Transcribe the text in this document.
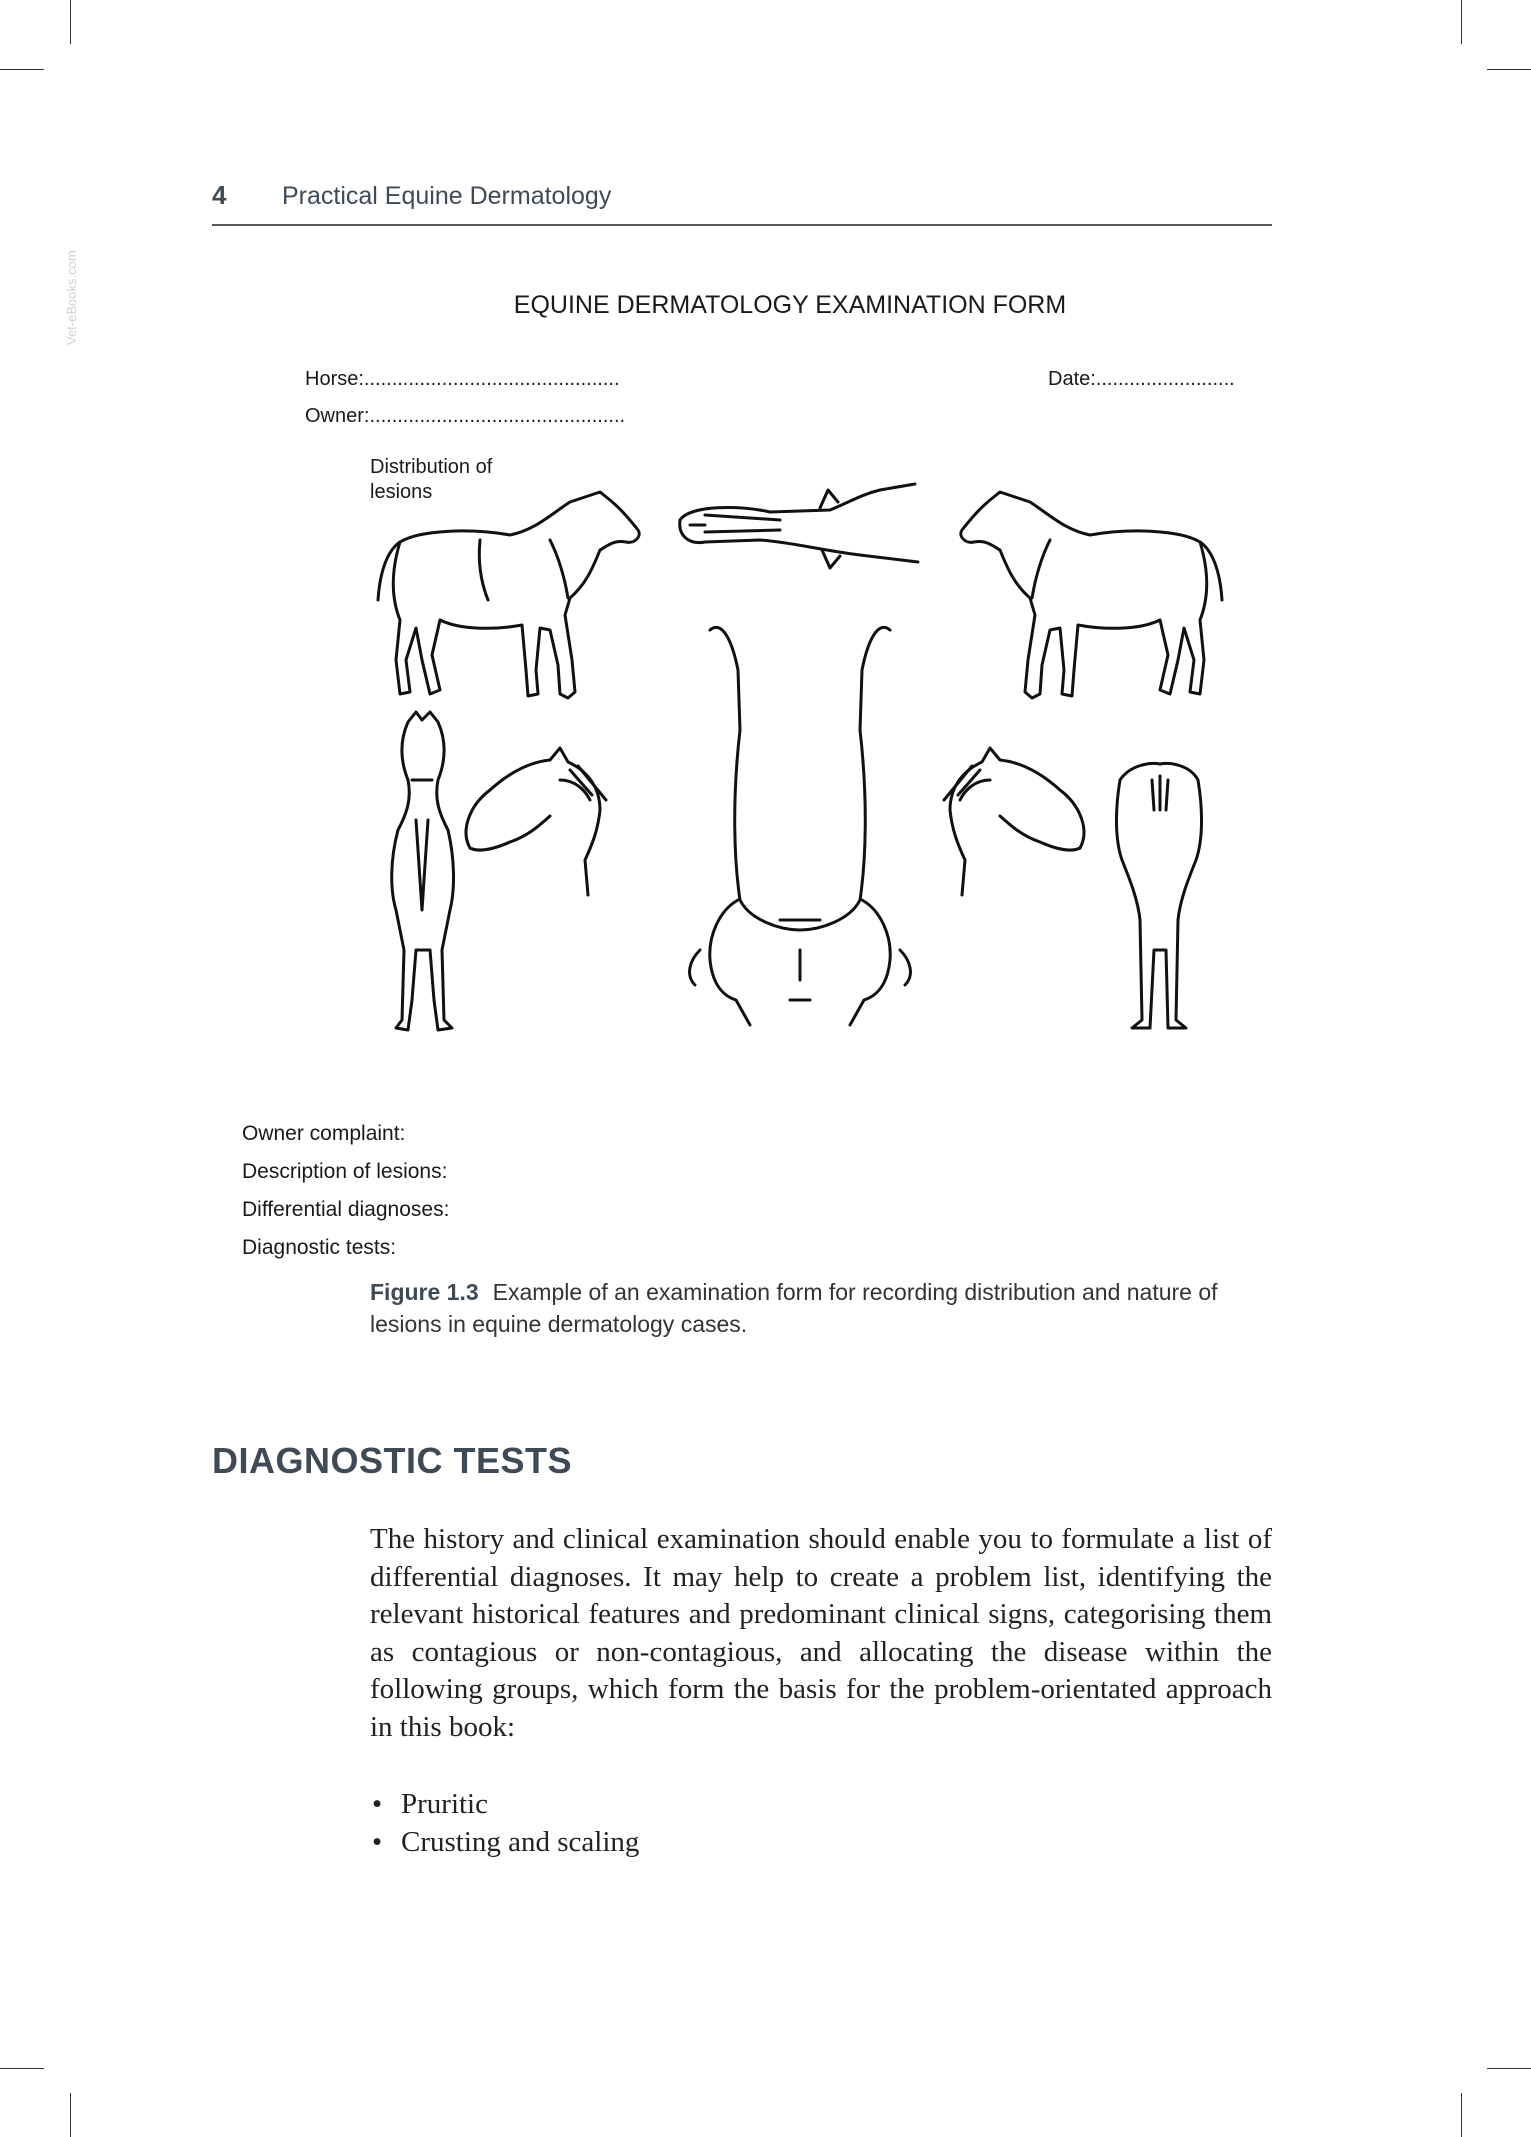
Vet-eBooks.com
4 Practical Equine Dermatology
EQUINE DERMATOLOGY EXAMINATION FORM
Horse:..............................................
Owner:..............................................
Date:.........................
Distribution of lesions
Owner complaint:
Description of lesions:
Differential diagnoses:
Diagnostic tests:
Figure 1.3 Example of an examination form for recording distribution and nature of lesions in equine dermatology cases.
DIAGNOSTIC TESTS
The history and clinical examination should enable you to formulate a list of differential diagnoses. It may help to create a problem list, identifying the relevant historical features and predominant clinical signs, categorising them as contagious or non-contagious, and allocating the disease within the following groups, which form the basis for the problem-orientated approach in this book:
• Pruritic
• Crusting and scaling
